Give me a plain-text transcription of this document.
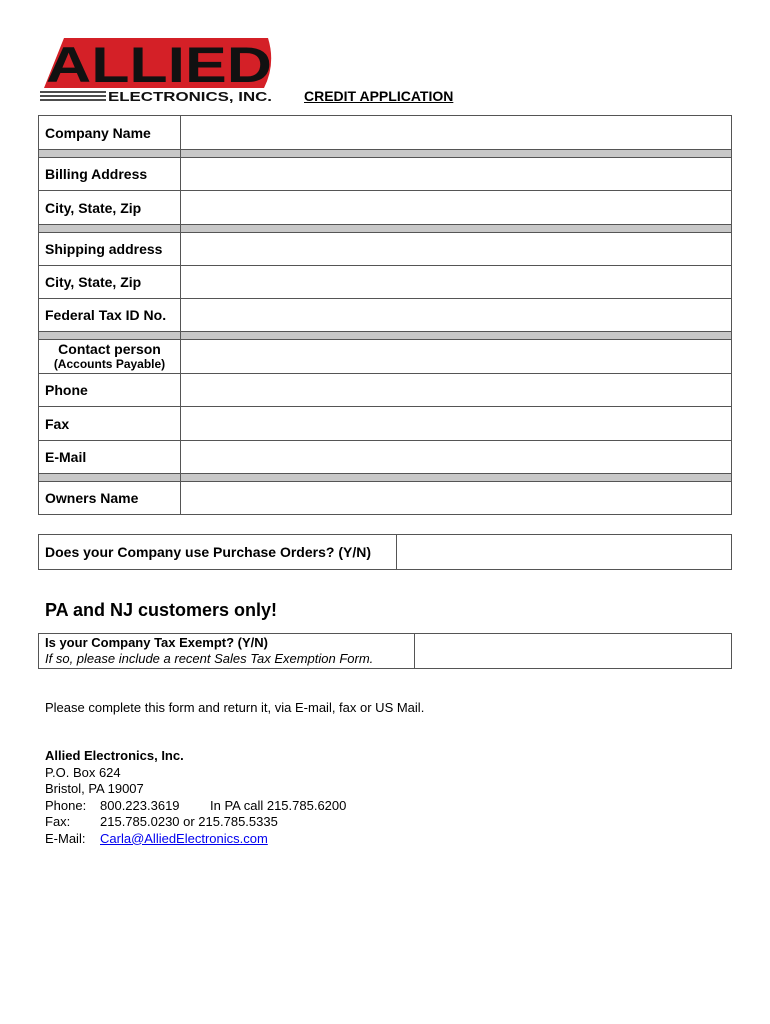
ALLIED
ELECTRONICS, INC. CREDIT APPLICATION
Company Name	

Billing Address	
City, State, Zip	

Shipping address	
City, State, Zip	
Federal Tax ID No.	

Contact person
(Accounts Payable)	

Phone	
Fax	
E-Mail	

Owners Name	
Does your Company use Purchase Orders? (Y/N)	
PA and NJ customers only!
Is your Company Tax Exempt? (Y/N)
If so, please include a recent Sales Tax Exemption Form.

Please complete this form and return it, via E-mail, fax or US Mail.
Allied Electronics, Inc.
P.O. Box 624
Bristol, PA 19007
Phone: 800.223.3619 In PA call 215.785.6200
Fax: 215.785.0230 or 215.785.5335
E-Mail: Carla@AlliedElectronics.com
